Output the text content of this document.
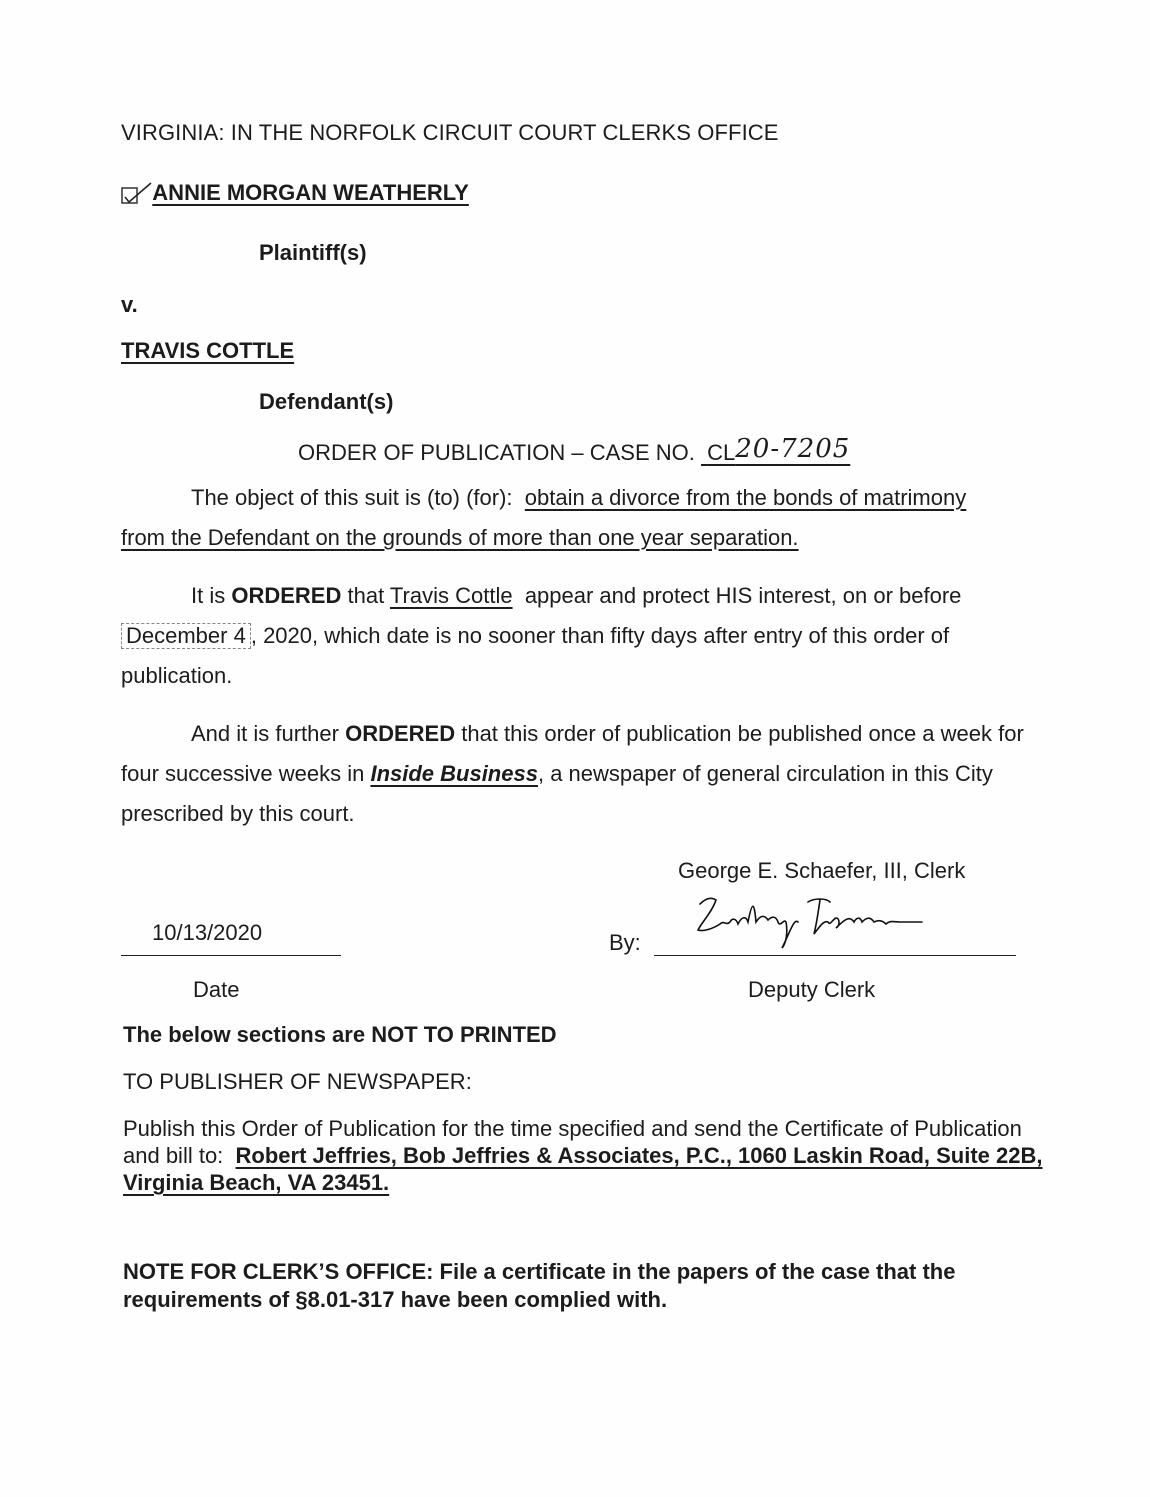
VIRGINIA: IN THE NORFOLK CIRCUIT COURT CLERKS OFFICE
ANNIE MORGAN WEATHERLY
Plaintiff(s)
v.
TRAVIS COTTLE
Defendant(s)
ORDER OF PUBLICATION – CASE NO. CL20-7205
The object of this suit is (to) (for): obtain a divorce from the bonds of matrimony
from the Defendant on the grounds of more than one year separation.
It is ORDERED that Travis Cottle appear and protect HIS interest, on or before December 4 , 2020, which date is no sooner than fifty days after entry of this order of publication.
And it is further ORDERED that this order of publication be published once a week for four successive weeks in Inside Business, a newspaper of general circulation in this City prescribed by this court.
George E. Schaefer, III, Clerk
10/13/2020	By:
Date	Deputy Clerk
The below sections are NOT TO PRINTED
TO PUBLISHER OF NEWSPAPER:
Publish this Order of Publication for the time specified and send the Certificate of Publication and bill to: Robert Jeffries, Bob Jeffries & Associates, P.C., 1060 Laskin Road, Suite 22B, Virginia Beach, VA 23451.
NOTE FOR CLERK’S OFFICE: File a certificate in the papers of the case that the requirements of §8.01-317 have been complied with.
